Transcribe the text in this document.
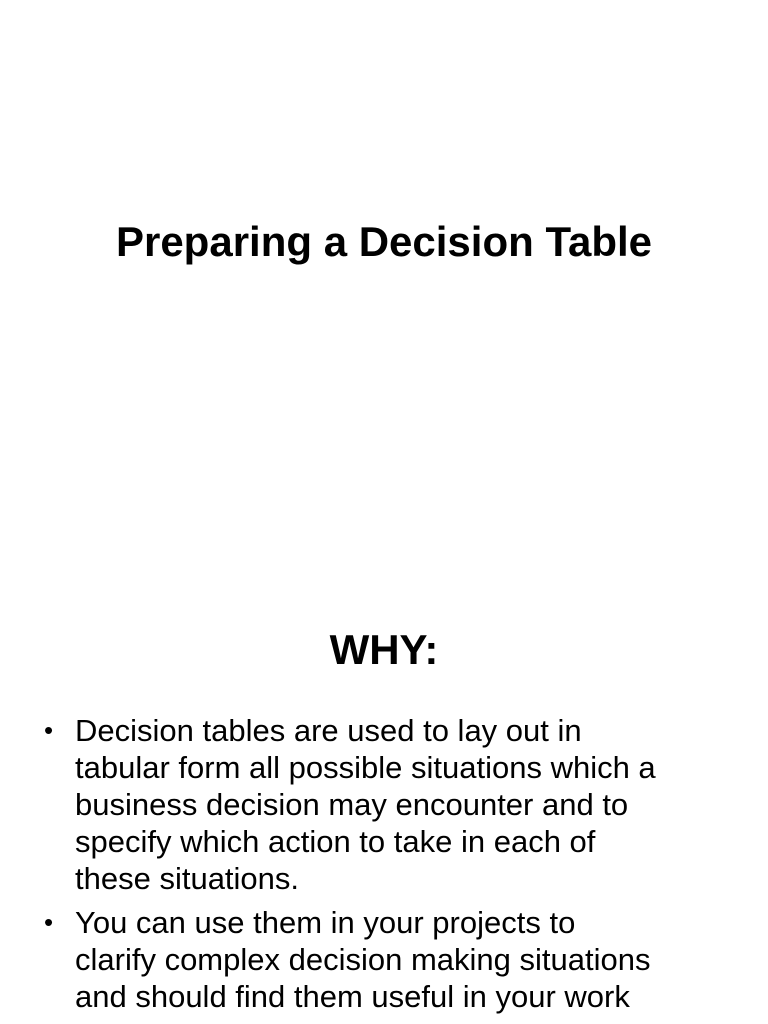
Preparing a Decision Table
WHY:
• Decision tables are used to lay out in
tabular form all possible situations which a
business decision may encounter and to
specify which action to take in each of
these situations.
• You can use them in your projects to
clarify complex decision making situations
and should find them useful in your work
